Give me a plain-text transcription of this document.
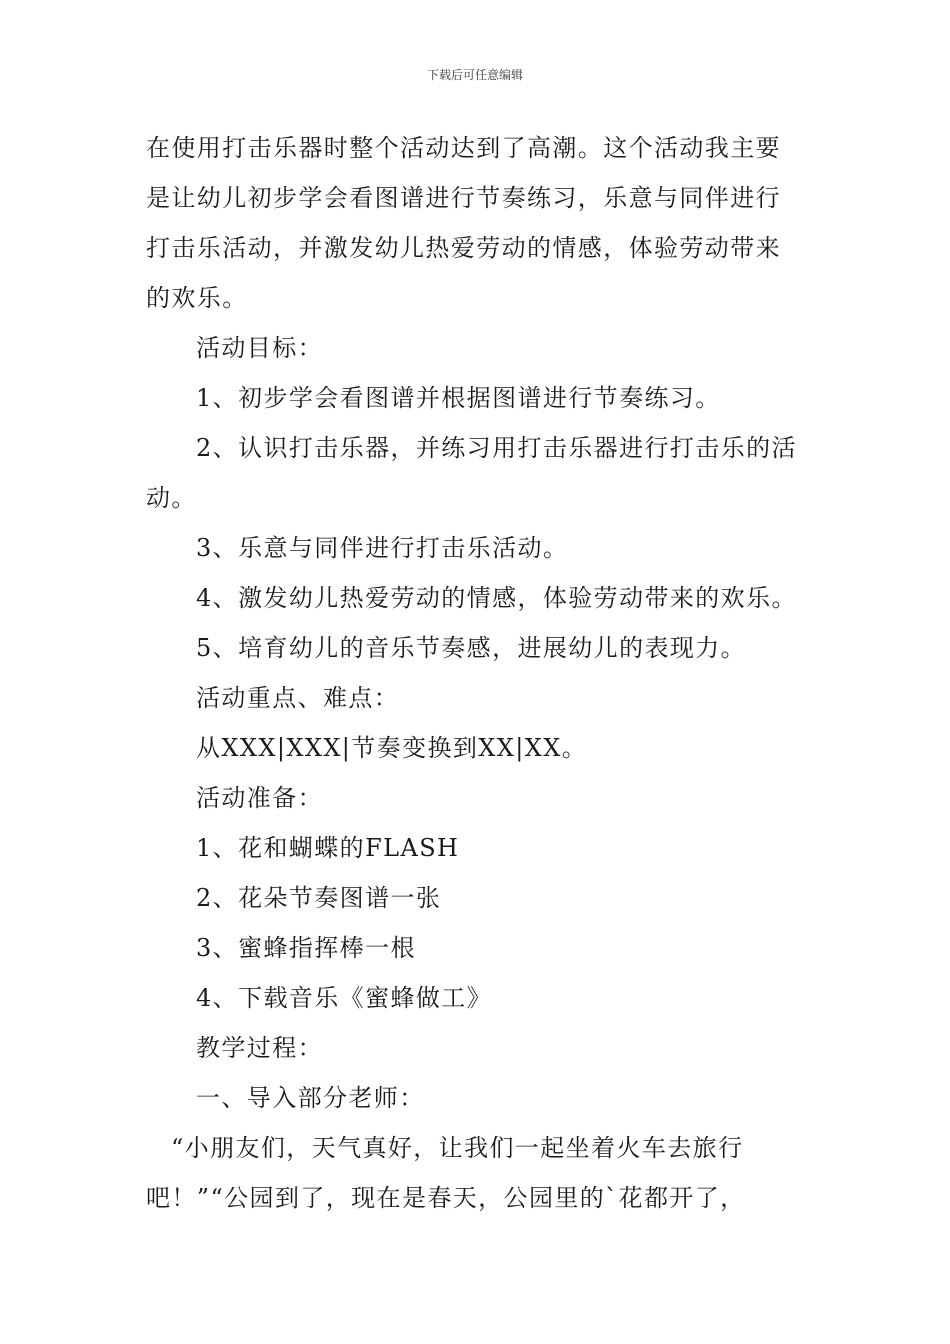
下载后可任意编辑
在使用打击乐器时整个活动达到了高潮。这个活动我主要
是让幼儿初步学会看图谱进行节奏练习，乐意与同伴进行
打击乐活动，并激发幼儿热爱劳动的情感，体验劳动带来
的欢乐。
活动目标：
1、初步学会看图谱并根据图谱进行节奏练习。
2、认识打击乐器，并练习用打击乐器进行打击乐的活
动。
3、乐意与同伴进行打击乐活动。
4、激发幼儿热爱劳动的情感，体验劳动带来的欢乐。
5、培育幼儿的音乐节奏感，进展幼儿的表现力。
活动重点、难点：
从XXX|XXX|节奏变换到XX|XX。
活动准备：
1、花和蝴蝶的FLASH
2、花朵节奏图谱一张
3、蜜蜂指挥棒一根
4、下载音乐《蜜蜂做工》
教学过程：
一、导入部分老师：
“小朋友们，天气真好，让我们一起坐着火车去旅行
吧！”“公园到了，现在是春天，公园里的`花都开了，
